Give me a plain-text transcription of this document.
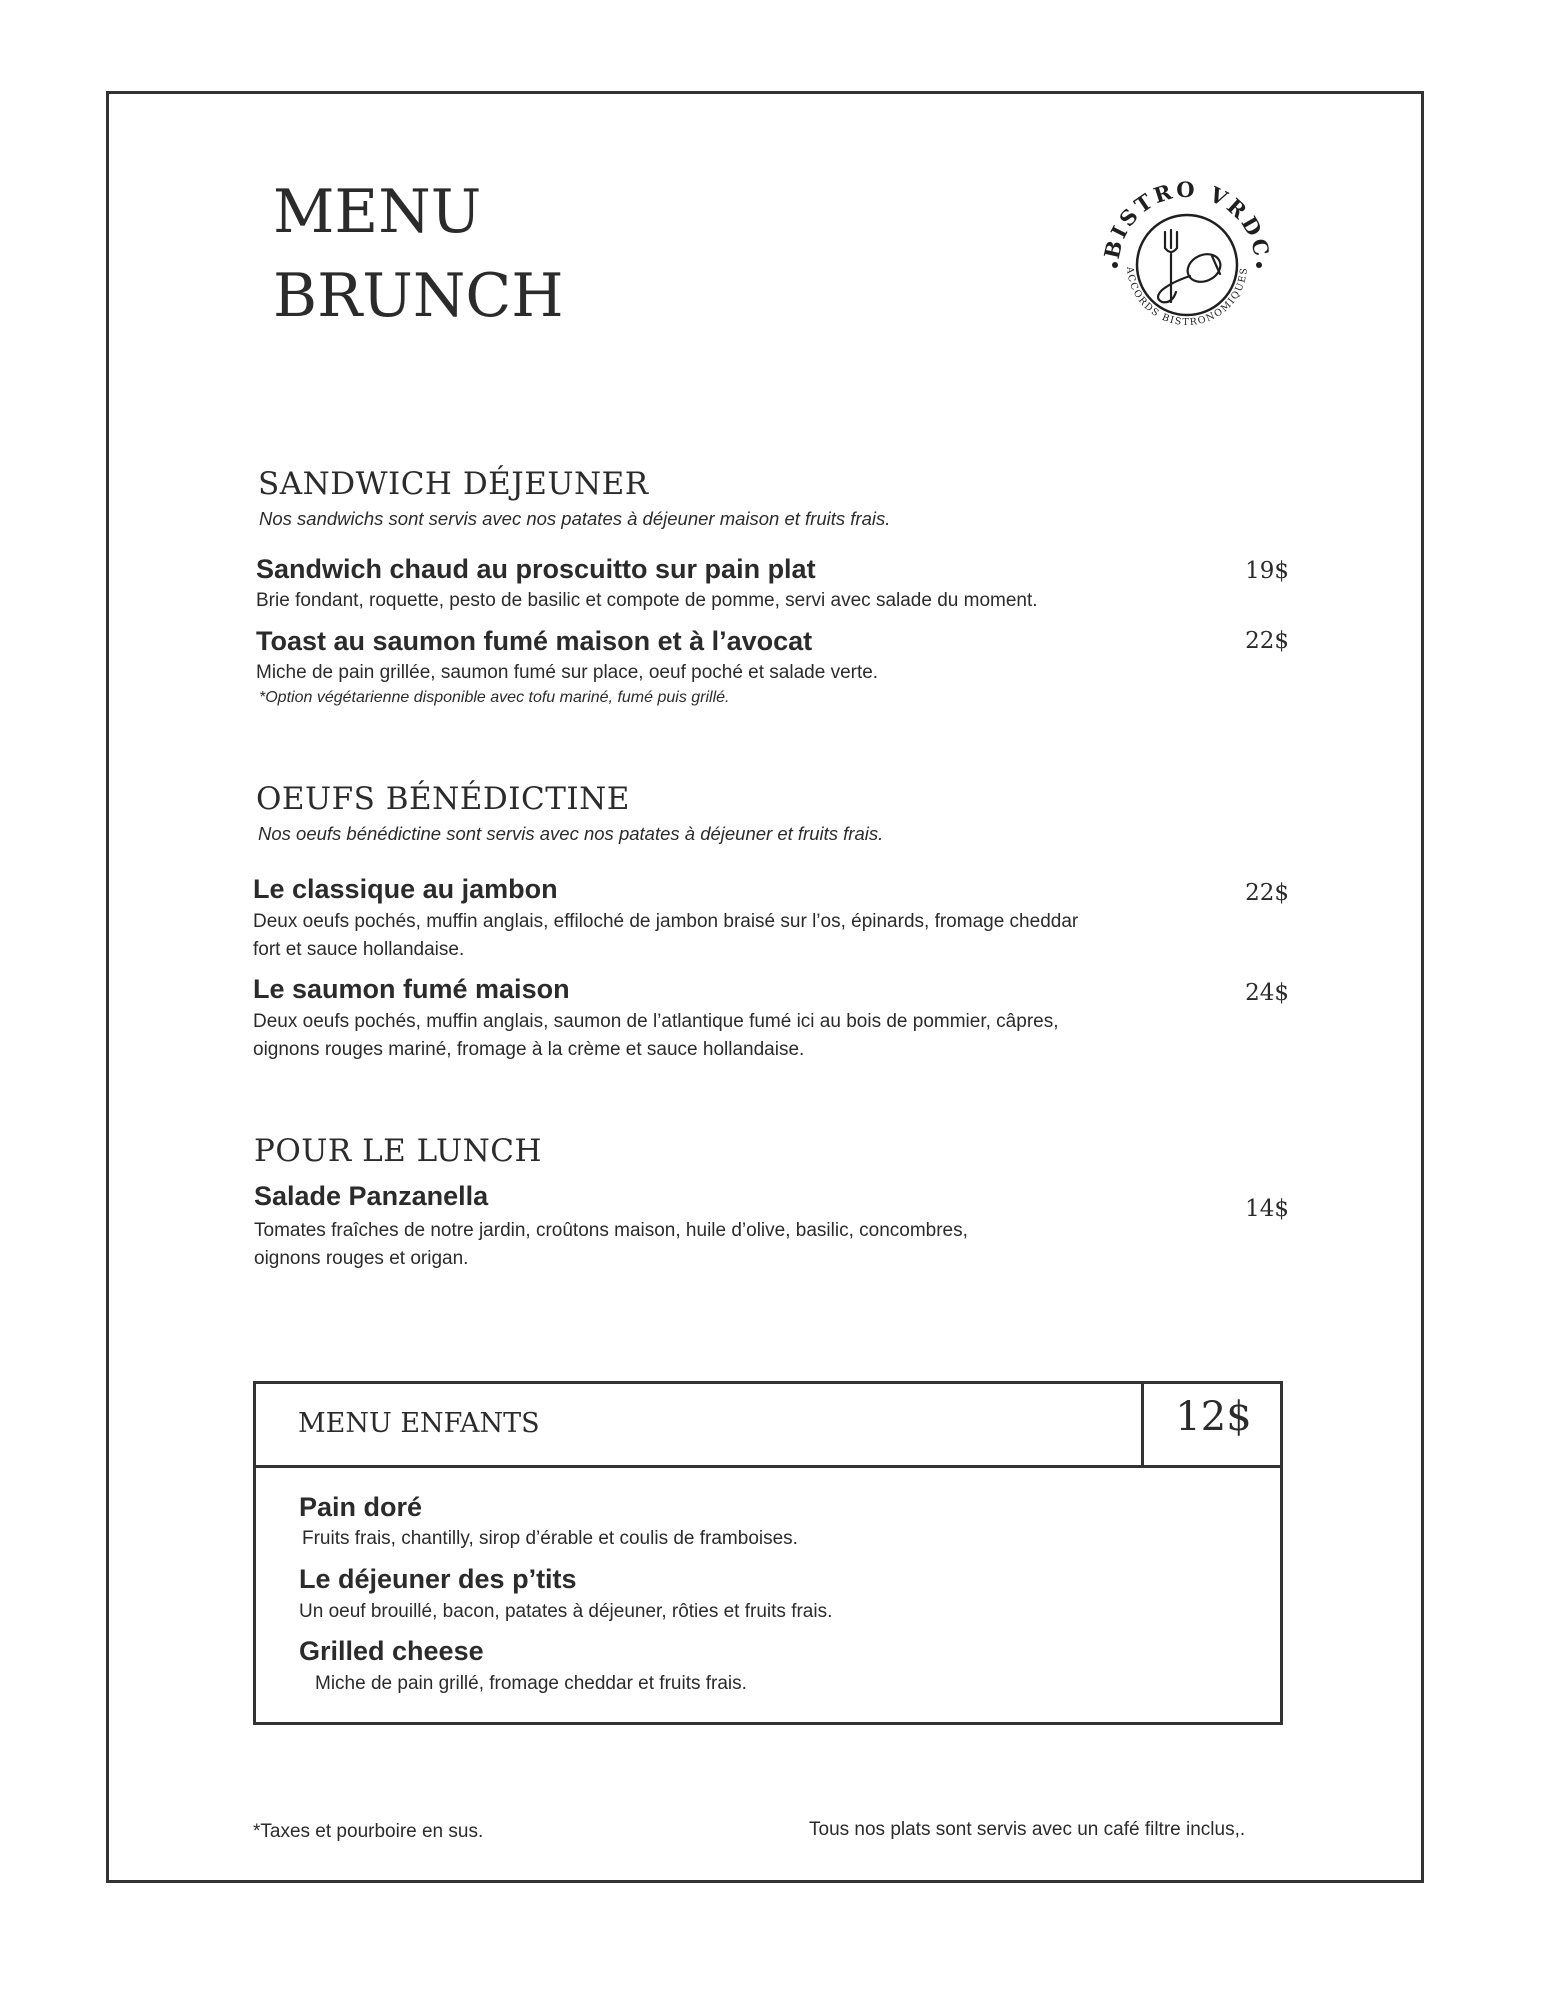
MENU
BRUNCH
BISTRO VRDC
ACCORDS BISTRONOMIQUES
SANDWICH DÉJEUNER
Nos sandwichs sont servis avec nos patates à déjeuner maison et fruits frais.
Sandwich chaud au proscuitto sur pain plat	19$
Brie fondant, roquette, pesto de basilic et compote de pomme, servi avec salade du moment.
Toast au saumon fumé maison et à l’avocat	22$
Miche de pain grillée, saumon fumé sur place, oeuf poché et salade verte.
*Option végétarienne disponible avec tofu mariné, fumé puis grillé.
OEUFS BÉNÉDICTINE
Nos oeufs bénédictine sont servis avec nos patates à déjeuner et fruits frais.
Le classique au jambon	22$
Deux oeufs pochés, muffin anglais, effiloché de jambon braisé sur l’os, épinards, fromage cheddar
fort et sauce hollandaise.
Le saumon fumé maison	24$
Deux oeufs pochés, muffin anglais, saumon de l’atlantique fumé ici au bois de pommier, câpres,
oignons rouges mariné, fromage à la crème et sauce hollandaise.
POUR LE LUNCH
Salade Panzanella	14$
Tomates fraîches de notre jardin, croûtons maison, huile d’olive, basilic, concombres,
oignons rouges et origan.
MENU ENFANTS	12$
Pain doré
Fruits frais, chantilly, sirop d’érable et coulis de framboises.
Le déjeuner des p’tits
Un oeuf brouillé, bacon, patates à déjeuner, rôties et fruits frais.
Grilled cheese
Miche de pain grillé, fromage cheddar et fruits frais.
*Taxes et pourboire en sus.	Tous nos plats sont servis avec un café filtre inclus,.
